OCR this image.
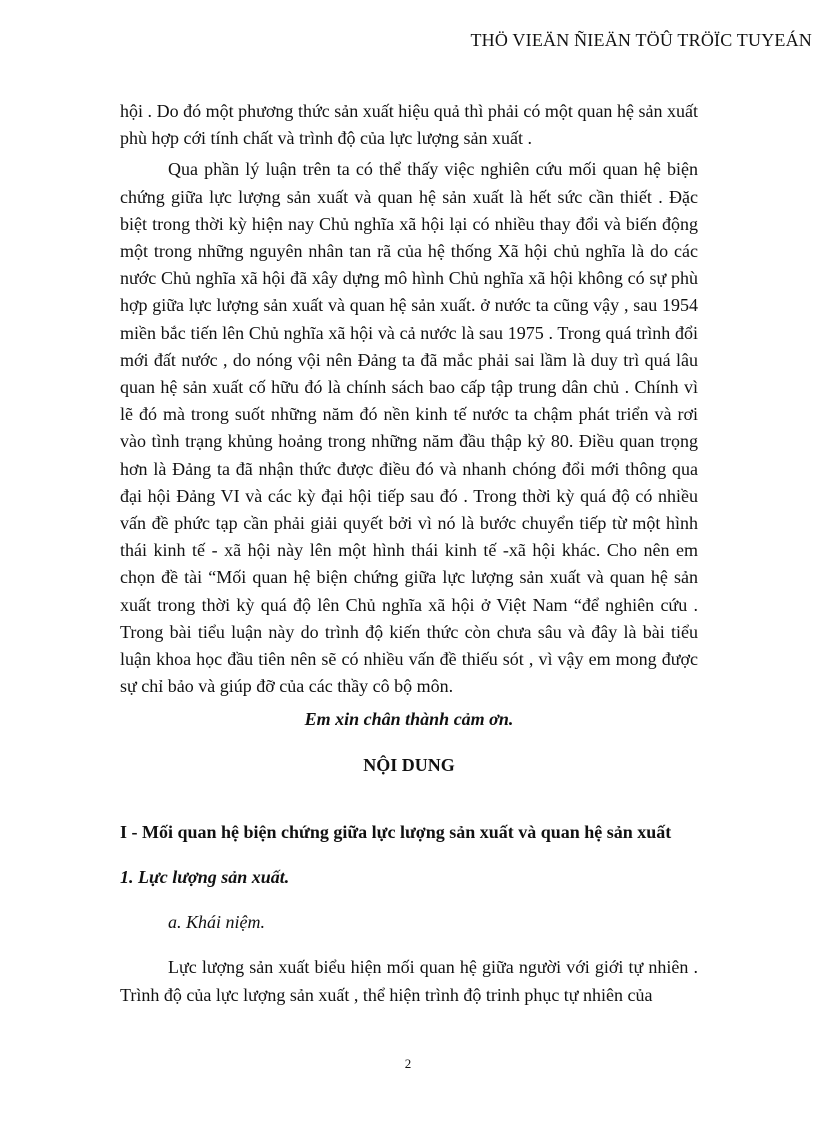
THÖ VIEÄN ÑIEÄN TÖÛ TRÖÏC TUYEÁN

hội . Do đó một phương thức sản xuất hiệu quả thì phải có một quan hệ sản xuất phù hợp cới tính chất và trình độ của lực lượng sản xuất .

Qua phần lý luận trên ta có thể thấy việc nghiên cứu mối quan hệ biện chứng giữa lực lượng sản xuất và quan hệ sản xuất là hết sức cần thiết . Đặc biệt trong thời kỳ hiện nay Chủ nghĩa xã hội lại có nhiều thay đổi và biến động một trong những nguyên nhân tan rã của hệ thống Xã hội chủ nghĩa là do các nước Chủ nghĩa xã hội đã xây dựng mô hình Chủ nghĩa xã hội không có sự phù hợp giữa lực lượng sản xuất và quan hệ sản xuất. ở nước ta cũng vậy , sau 1954 miền bắc tiến lên Chủ nghĩa xã hội và cả nước là sau 1975 . Trong quá trình đổi mới đất nước , do nóng vội nên Đảng ta đã mắc phải sai lầm là duy trì quá lâu quan hệ sản xuất cố hữu đó là chính sách bao cấp tập trung dân chủ . Chính vì lẽ đó mà trong suốt những năm đó nền kinh tế nước ta chậm phát triển và rơi vào tình trạng khủng hoảng trong những năm đầu thập kỷ 80. Điều quan trọng hơn là Đảng ta đã nhận thức được điều đó và nhanh chóng đổi mới thông qua đại hội Đảng VI và các kỳ đại hội tiếp sau đó . Trong thời kỳ quá độ có nhiều vấn đề phức tạp cần phải giải quyết bởi vì nó là bước chuyển tiếp từ một hình thái kinh tế - xã hội này lên một hình thái kinh tế -xã hội khác. Cho nên em chọn đề tài “Mối quan hệ biện chứng giữa lực lượng sản xuất và quan hệ sản xuất trong thời kỳ quá độ lên Chủ nghĩa xã hội ở Việt Nam “để nghiên cứu . Trong bài tiểu luận này do trình độ kiến thức còn chưa sâu và đây là bài tiểu luận khoa học đầu tiên nên sẽ có nhiều vấn đề thiếu sót , vì vậy em mong được sự chỉ bảo và giúp đỡ của các thầy cô bộ môn.

Em xin chân thành cảm ơn.

NỘI DUNG

I - Mối quan hệ biện chứng giữa lực lượng sản xuất và quan hệ sản xuất

1. Lực lượng sản xuất.

a. Khái niệm.

Lực lượng sản xuất biểu hiện mối quan hệ giữa người với giới tự nhiên . Trình độ của lực lượng sản xuất , thể hiện trình độ trinh phục tự nhiên của

2
